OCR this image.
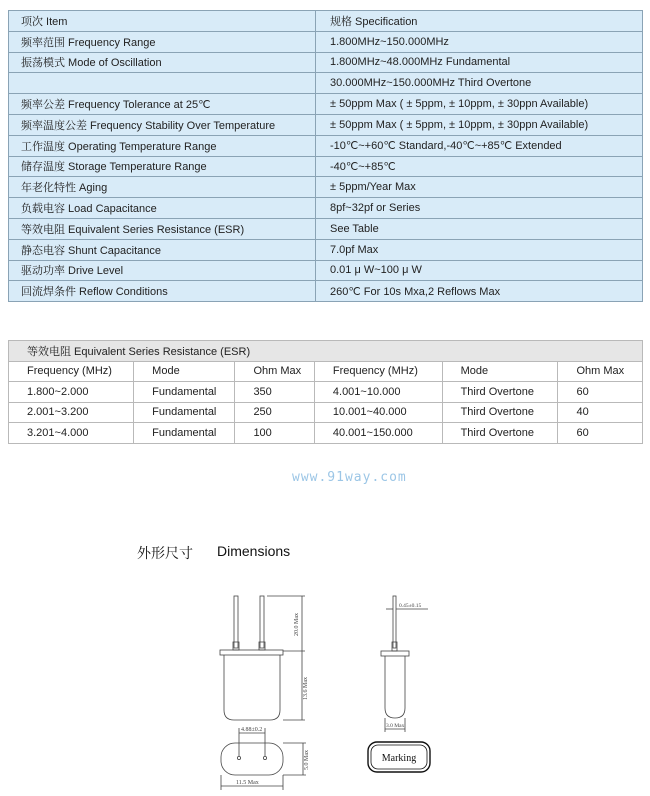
项次 Item	规格 Specification
频率范围 Frequency Range	1.800MHz~150.000MHz
振荡模式 Mode of Oscillation	1.800MHz~48.000MHz Fundamental
	30.000MHz~150.000MHz Third Overtone
频率公差 Frequency Tolerance at 25℃	± 50ppm Max ( ± 5ppm, ± 10ppm, ± 30ppn Available)
频率温度公差 Frequency Stability Over Temperature	± 50ppm Max ( ± 5ppm, ± 10ppm, ± 30ppn Available)
工作温度 Operating Temperature Range	-10℃~+60℃ Standard,-40℃~+85℃ Extended
储存温度 Storage Temperature Range	-40℃~+85℃
年老化特性 Aging	± 5ppm/Year Max
负载电容 Load Capacitance	8pf~32pf or Series
等效电阻 Equivalent Series Resistance (ESR)	See Table
静态电容 Shunt Capacitance	7.0pf Max
驱动功率 Drive Level	0.01 μ W~100 μ W
回流焊条件 Reflow Conditions	260℃ For 10s Mxa,2 Reflows Max
等效电阻 Equivalent Series Resistance (ESR)					
Frequency (MHz)	Mode	Ohm Max	Frequency (MHz)	Mode	Ohm Max
1.800~2.000	Fundamental	350	4.001~10.000	Third Overtone	60
2.001~3.200	Fundamental	250	10.001~40.000	Third Overtone	40
3.201~4.000	Fundamental	100	40.001~150.000	Third Overtone	60
www.91way.com
外形尺寸 Dimensions
20.0 Max
13.6 Max
4.88±0.2
5.0 Max
11.5 Max
0.45±0.15
3.0 Max
Marking
